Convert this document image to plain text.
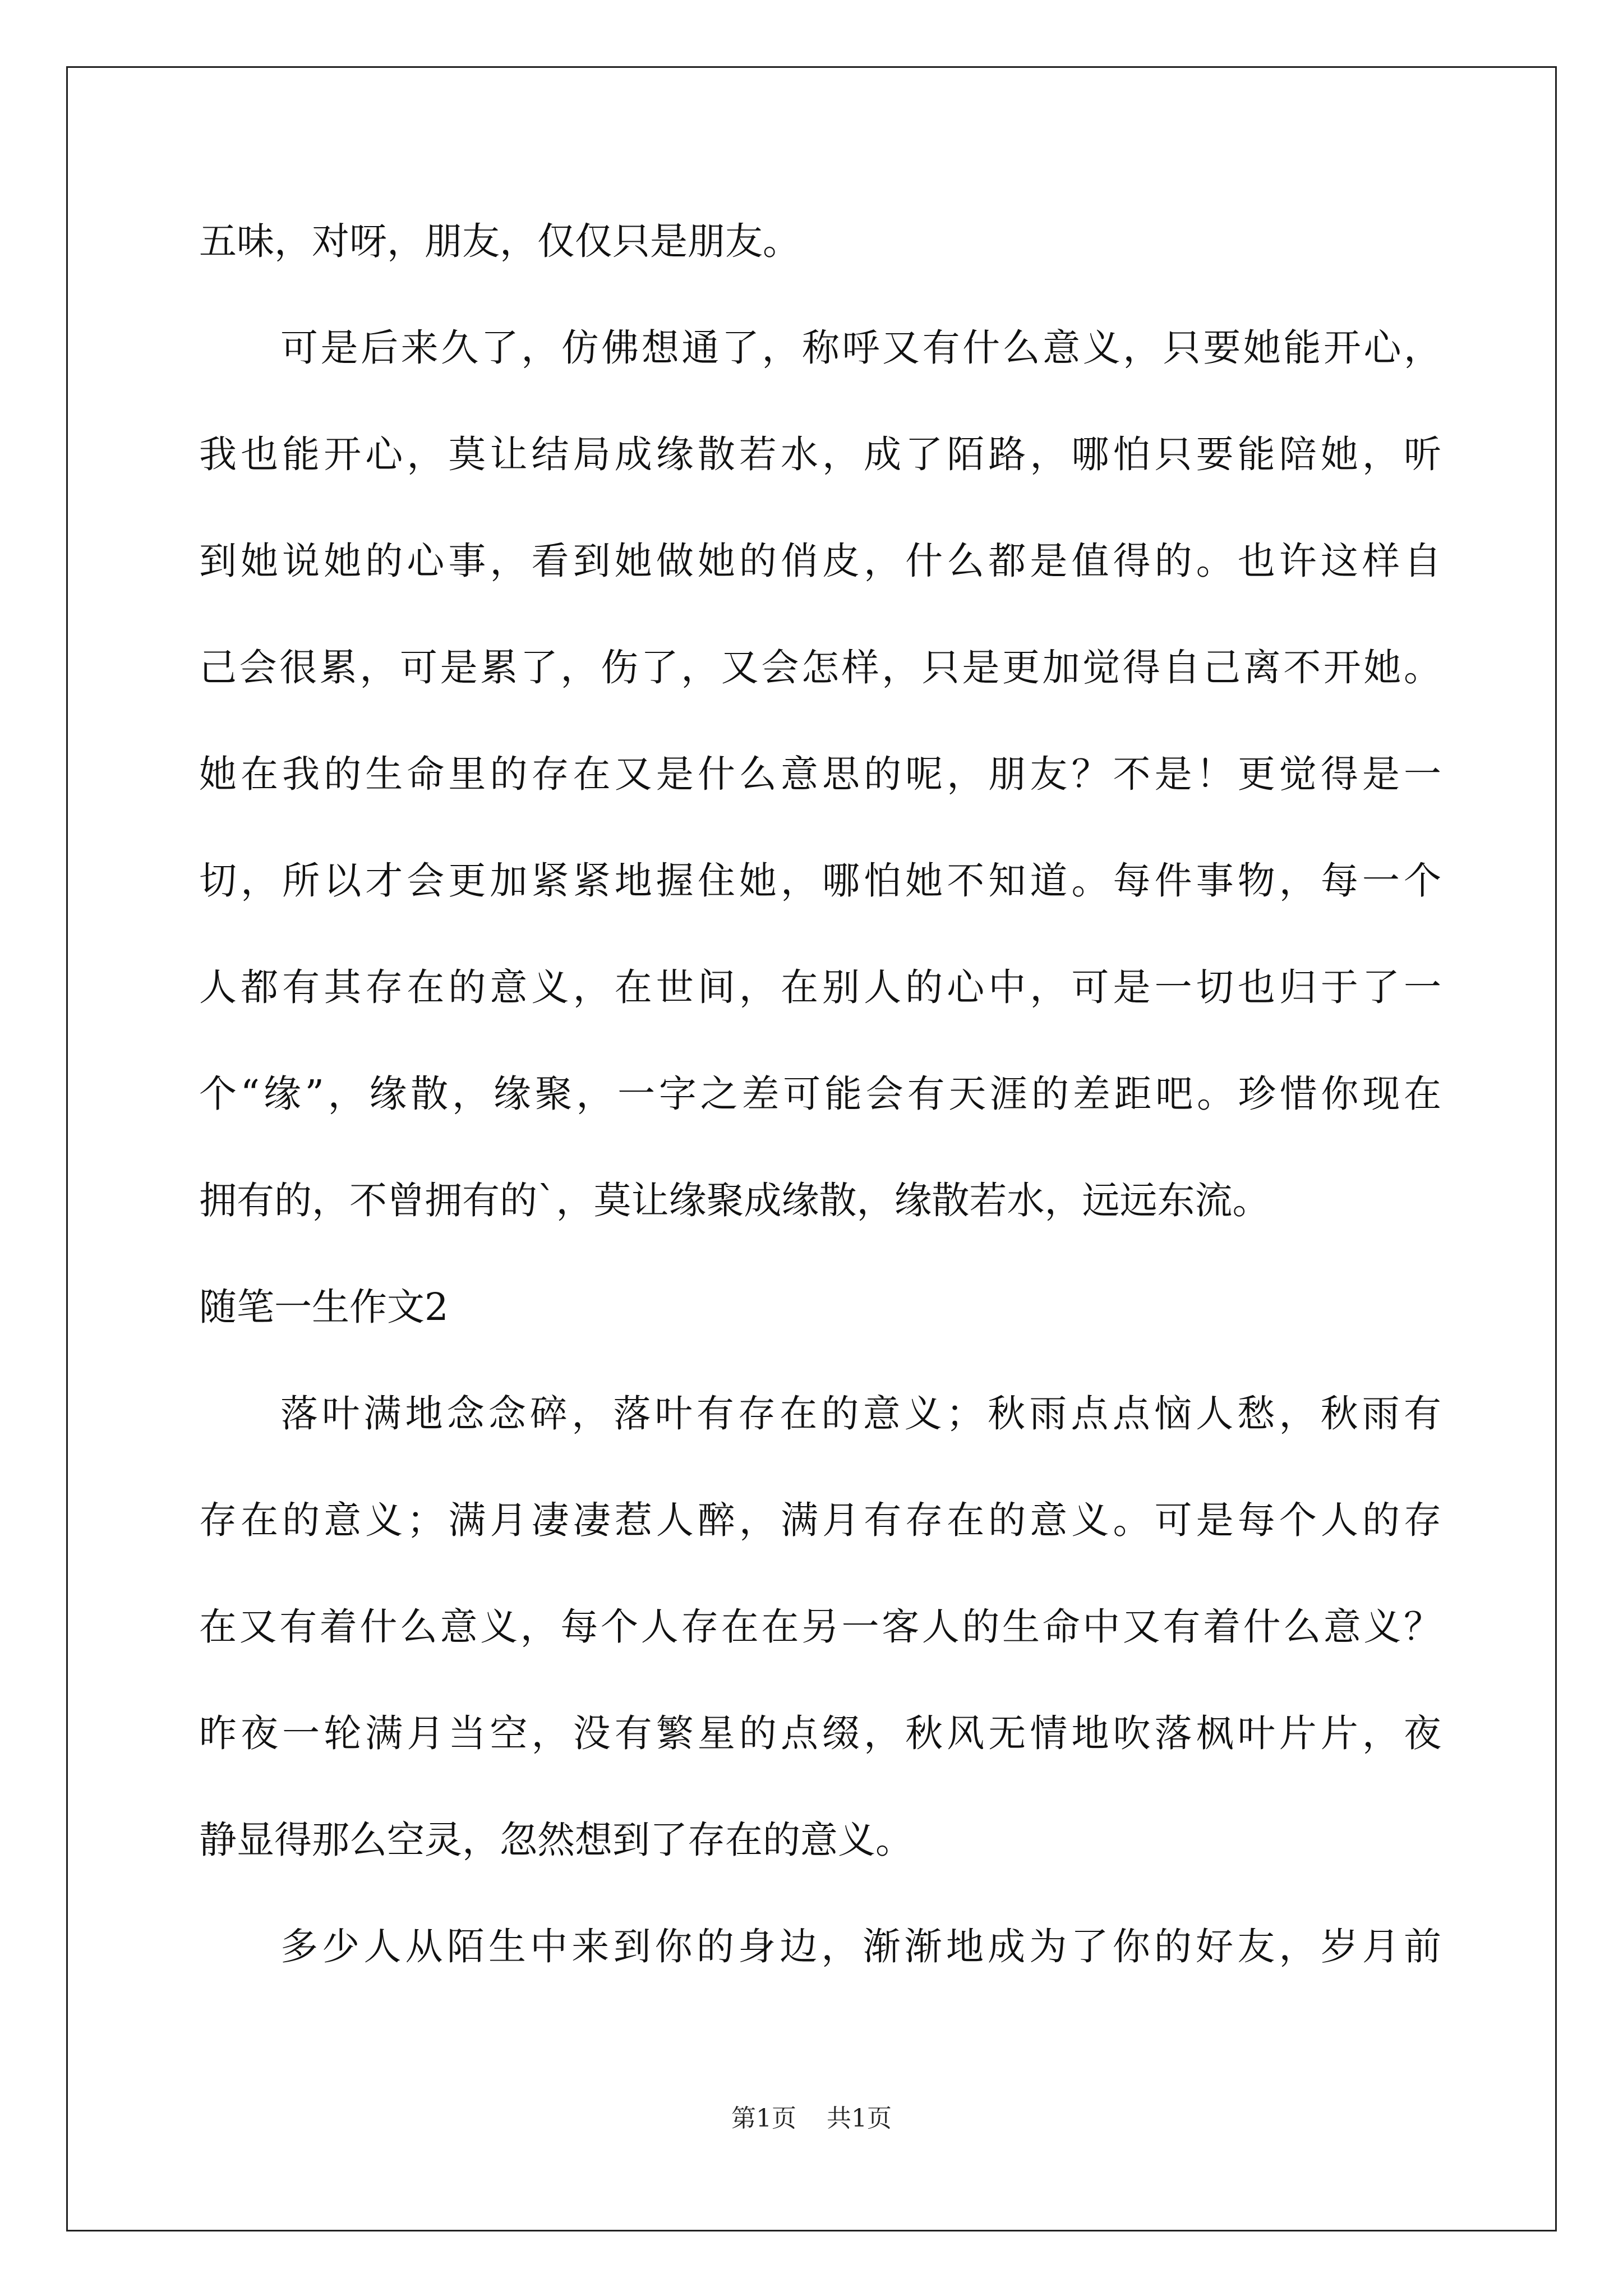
五味，对呀，朋友，仅仅只是朋友。
可是后来久了，仿佛想通了，称呼又有什么意义，只要她能开心，
我也能开心，莫让结局成缘散若水，成了陌路，哪怕只要能陪她，听
到她说她的心事，看到她做她的俏皮，什么都是值得的。也许这样自
己会很累，可是累了，伤了，又会怎样，只是更加觉得自己离不开她。
她在我的生命里的存在又是什么意思的呢，朋友？不是！更觉得是一
切，所以才会更加紧紧地握住她，哪怕她不知道。每件事物，每一个
人都有其存在的意义，在世间，在别人的心中，可是一切也归于了一
个“缘”，缘散，缘聚，一字之差可能会有天涯的差距吧。珍惜你现在
拥有的，不曾拥有的`，莫让缘聚成缘散，缘散若水，远远东流。
随笔一生作文2
落叶满地念念碎，落叶有存在的意义；秋雨点点恼人愁，秋雨有
存在的意义；满月凄凄惹人醉，满月有存在的意义。可是每个人的存
在又有着什么意义，每个人存在在另一客人的生命中又有着什么意义？
昨夜一轮满月当空，没有繁星的点缀，秋风无情地吹落枫叶片片，夜
静显得那么空灵，忽然想到了存在的意义。
多少人从陌生中来到你的身边，渐渐地成为了你的好友，岁月前
第1页 共1页
